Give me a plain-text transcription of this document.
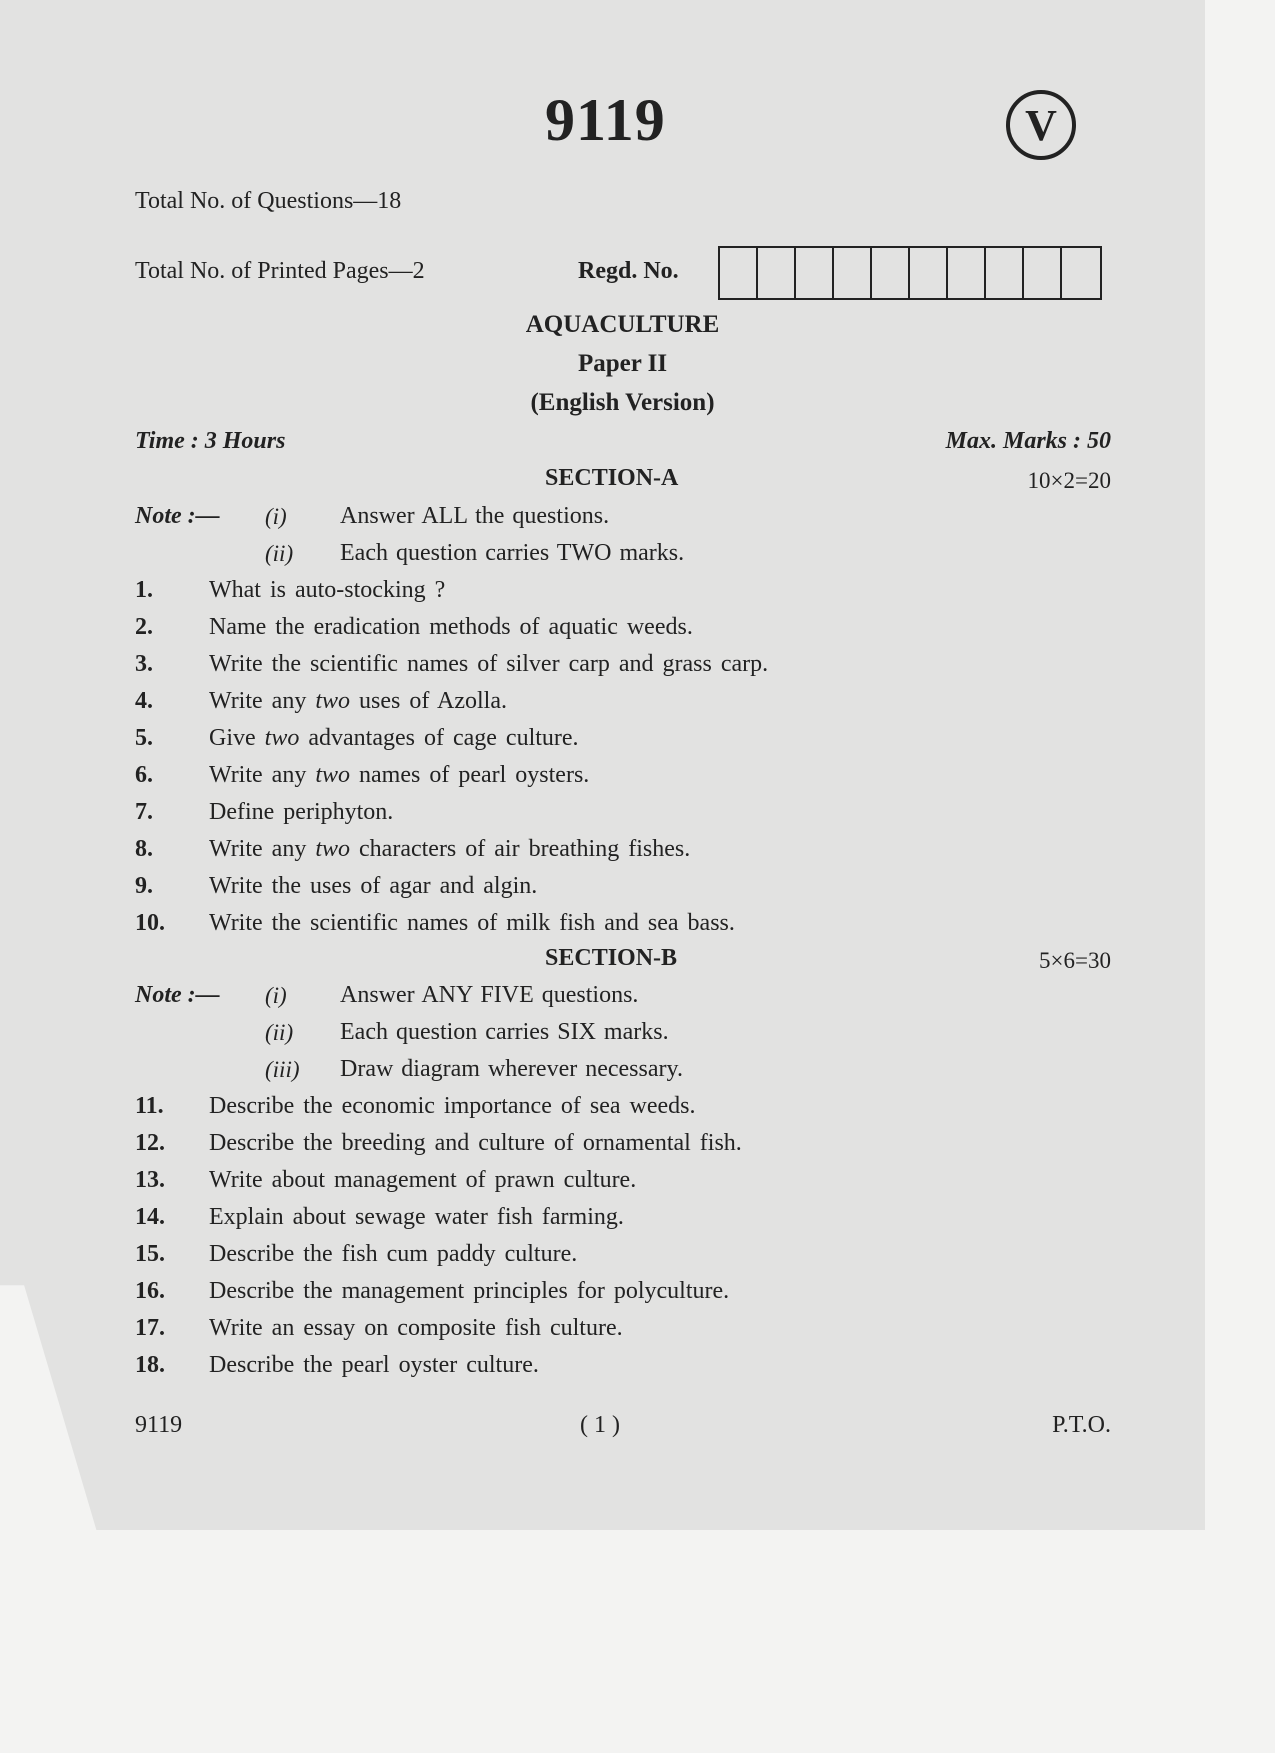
9119	V
Total No. of Questions—18
Total No. of Printed Pages—2	Regd. No.
AQUACULTURE
Paper II
(English Version)
Time : 3 Hours	Max. Marks : 50
SECTION-A	10×2=20
Note :— (i) Answer ALL the questions.
(ii) Each question carries TWO marks.
1. What is auto-stocking ?
2. Name the eradication methods of aquatic weeds.
3. Write the scientific names of silver carp and grass carp.
4. Write any two uses of Azolla.
5. Give two advantages of cage culture.
6. Write any two names of pearl oysters.
7. Define periphyton.
8. Write any two characters of air breathing fishes.
9. Write the uses of agar and algin.
10. Write the scientific names of milk fish and sea bass.
SECTION-B	5×6=30
Note :— (i) Answer ANY FIVE questions.
(ii) Each question carries SIX marks.
(iii) Draw diagram wherever necessary.
11. Describe the economic importance of sea weeds.
12. Describe the breeding and culture of ornamental fish.
13. Write about management of prawn culture.
14. Explain about sewage water fish farming.
15. Describe the fish cum paddy culture.
16. Describe the management principles for polyculture.
17. Write an essay on composite fish culture.
18. Describe the pearl oyster culture.
9119	( 1 )	P.T.O.
